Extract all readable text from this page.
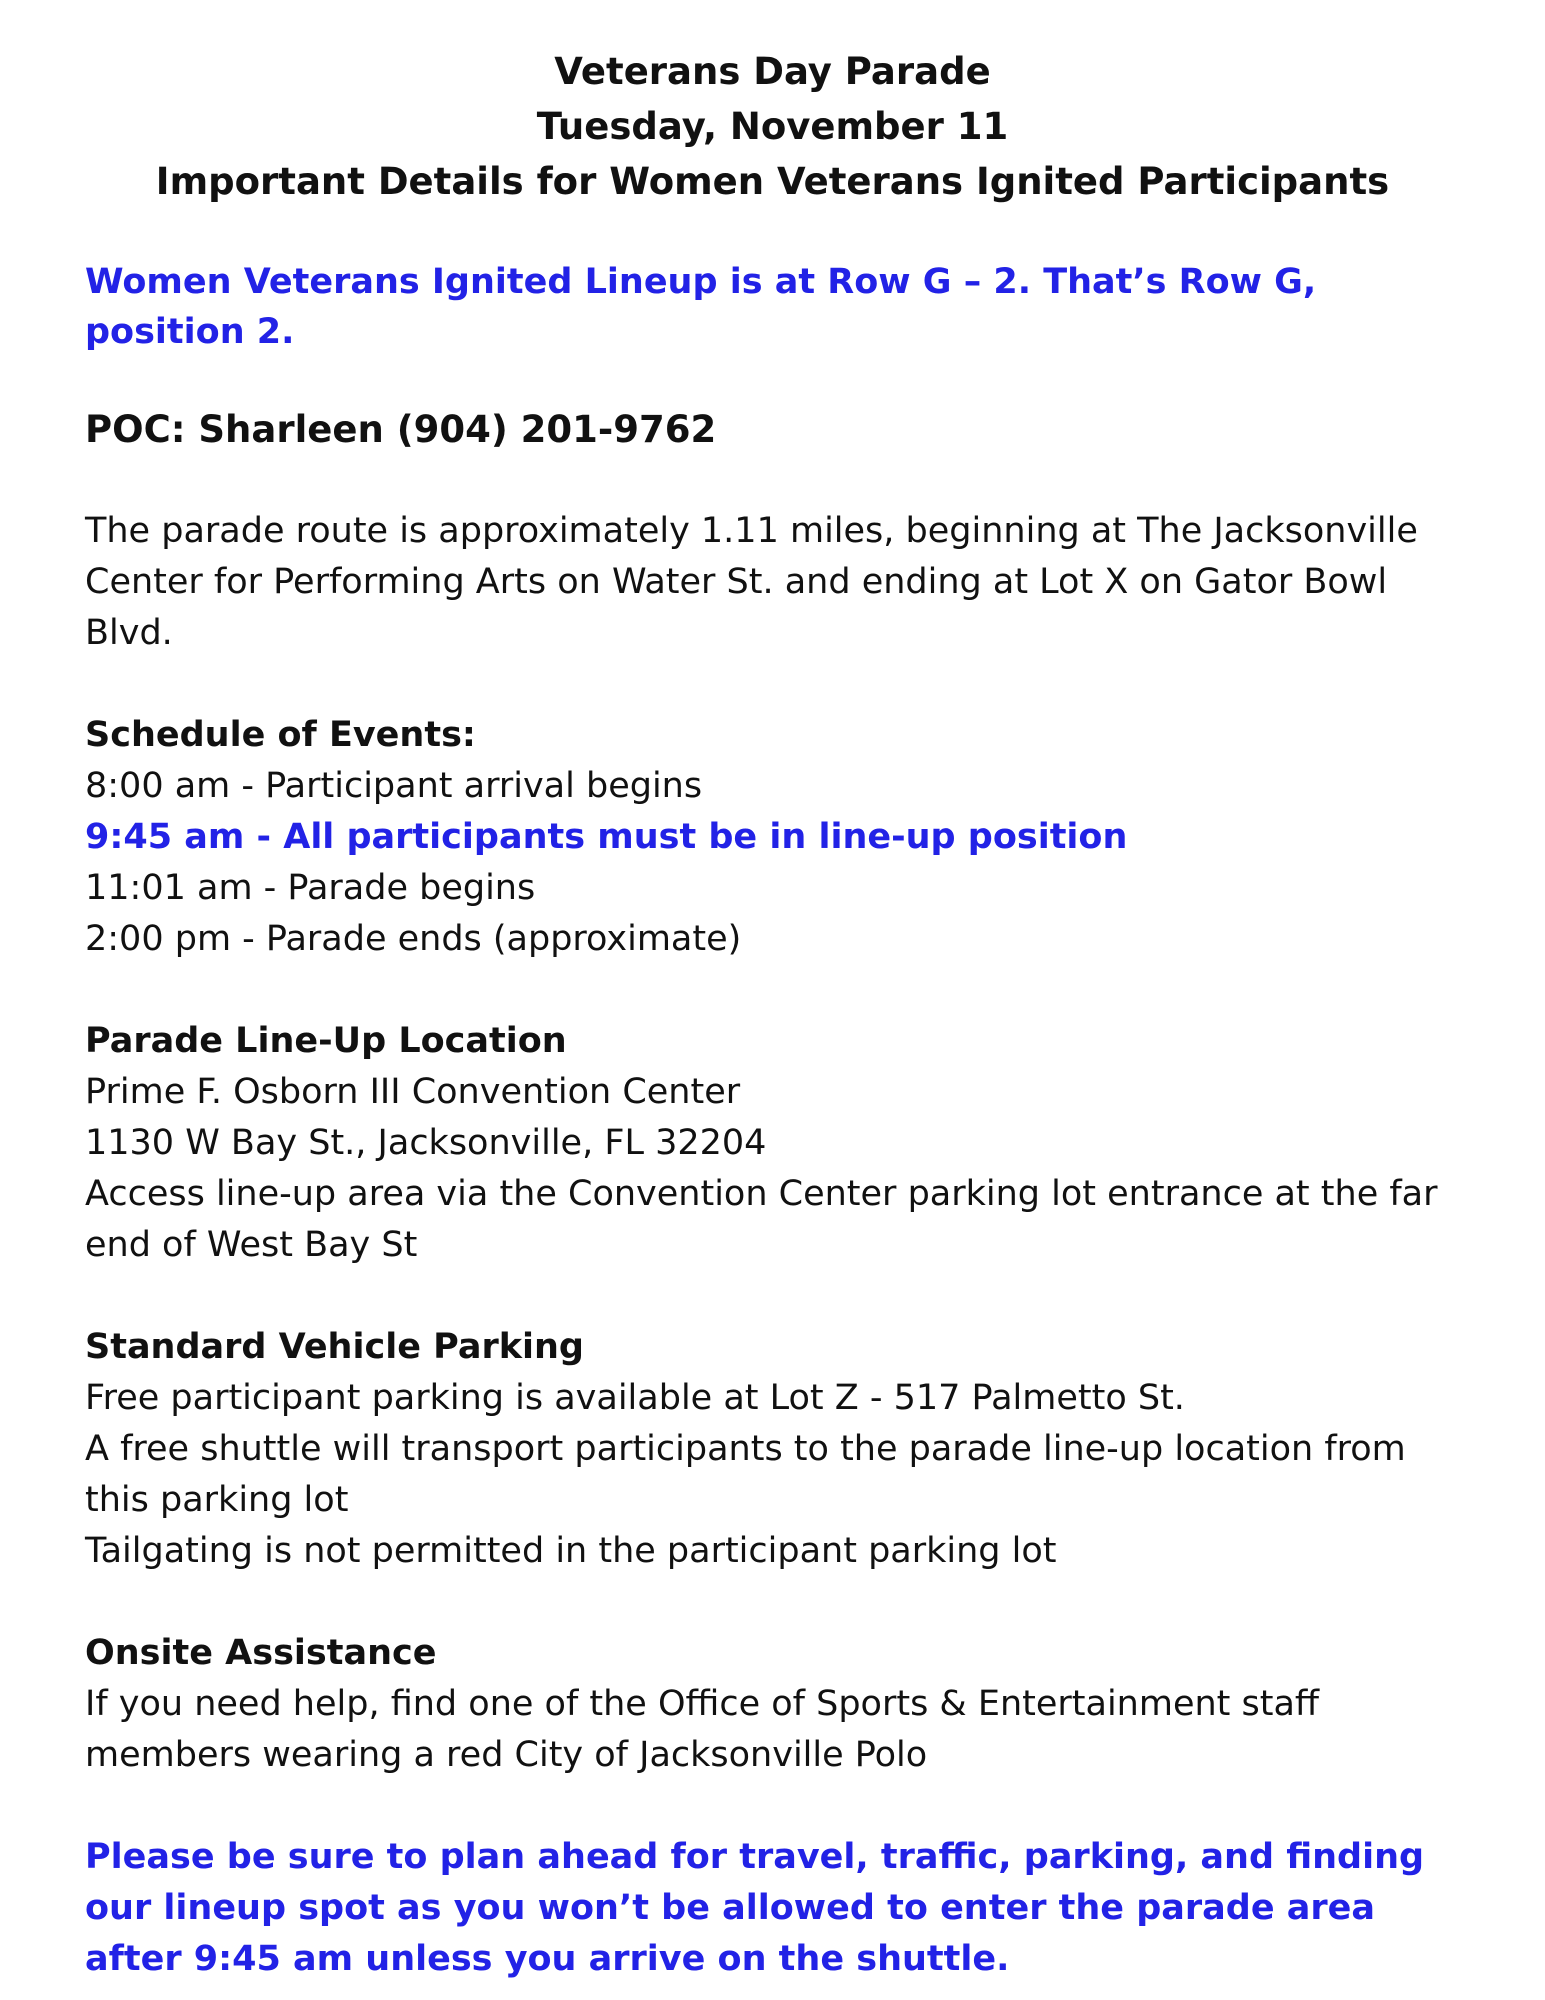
Veterans Day Parade
Tuesday, November 11
Important Details for Women Veterans Ignited Participants
Women Veterans Ignited Lineup is at Row G – 2. That’s Row G, position 2.
POC: Sharleen (904) 201-9762
The parade route is approximately 1.11 miles, beginning at The Jacksonville Center for Performing Arts on Water St. and ending at Lot X on Gator Bowl Blvd.
Schedule of Events:
8:00 am - Participant arrival begins
9:45 am - All participants must be in line-up position
11:01 am - Parade begins
2:00 pm - Parade ends (approximate)
Parade Line-Up Location
Prime F. Osborn III Convention Center
1130 W Bay St., Jacksonville, FL 32204
Access line-up area via the Convention Center parking lot entrance at the far end of West Bay St
Standard Vehicle Parking
Free participant parking is available at Lot Z - 517 Palmetto St.
A free shuttle will transport participants to the parade line-up location from this parking lot
Tailgating is not permitted in the participant parking lot
Onsite Assistance
If you need help, find one of the Office of Sports & Entertainment staff members wearing a red City of Jacksonville Polo
Please be sure to plan ahead for travel, traffic, parking, and finding our lineup spot as you won’t be allowed to enter the parade area after 9:45 am unless you arrive on the shuttle.
